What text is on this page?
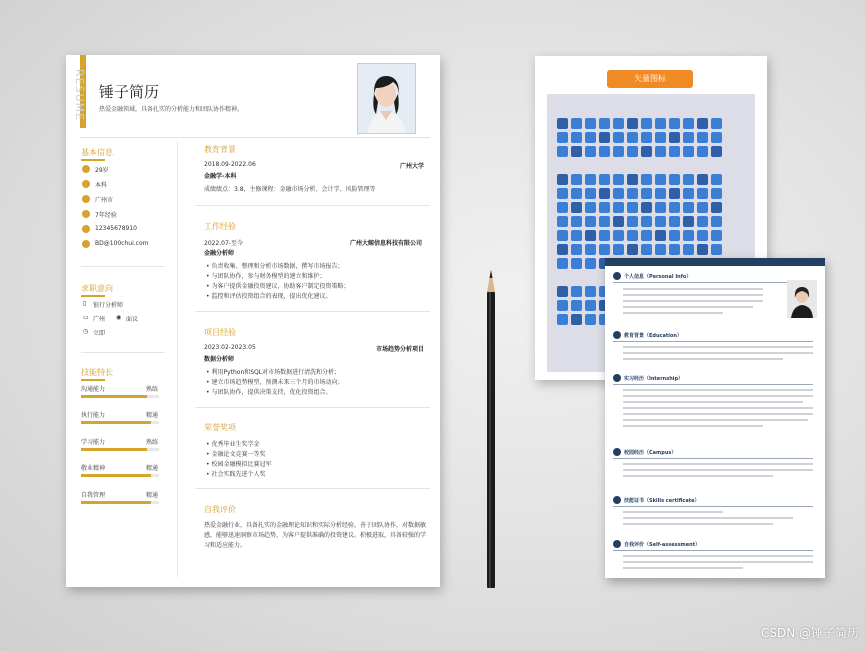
RESUME 锤子简历
热爱金融领域，具备扎实的分析能力和团队协作精神。
基本信息
29岁
本科
广州市
7年经验
12345678910
BD@100chui.com
求职意向
▯ 银行分析师
▭ 广州 ◉ 面议
◷ 立即
技能特长
沟通能力	熟练
执行能力	精通
学习能力	熟练
敬业精神	精通
自我管理	精通
教育背景
2018.09-2022.06	广州大学
金融学-本科
成绩绩点：3.8，主修课程：金融市场分析、会计学、风险管理等
工作经验
2022.07-至今	广州大鲸信息科技有限公司
金融分析师
• 负责收集、整理和分析市场数据，撰写市场报告；
• 与团队协作，参与财务模型的建立和维护；
• 为客户提供金融投资建议，协助客户制定投资策略；
• 监控和评估投资组合的表现，提出优化建议。
项目经验
2023.02-2023.05	市场趋势分析项目
数据分析师
• 利用Python和SQL对市场数据进行清洗和分析；
• 建立市场趋势模型，预测未来三个月的市场动向；
• 与团队协作，提供决策支持，优化投资组合。
荣誉奖项
• 优秀毕业生奖学金
• 金融论文竞赛一等奖
• 校园金融模拟比赛冠军
• 社会实践先进个人奖
自我评价
热爱金融行业，具备扎实的金融理论知识和实际分析经验。善于团队协作，对数据敏感，能够迅速洞察市场趋势，为客户提供准确的投资建议。积极进取，具备较强的学习和适应能力。
矢量图标
个人信息（Personal Info）
教育背景（Education）
实习经历（Internship）
校园经历（Campus）
技能证书（Skills certificate）
自我评价（Self-assessment）
CSDN @锤子简历
